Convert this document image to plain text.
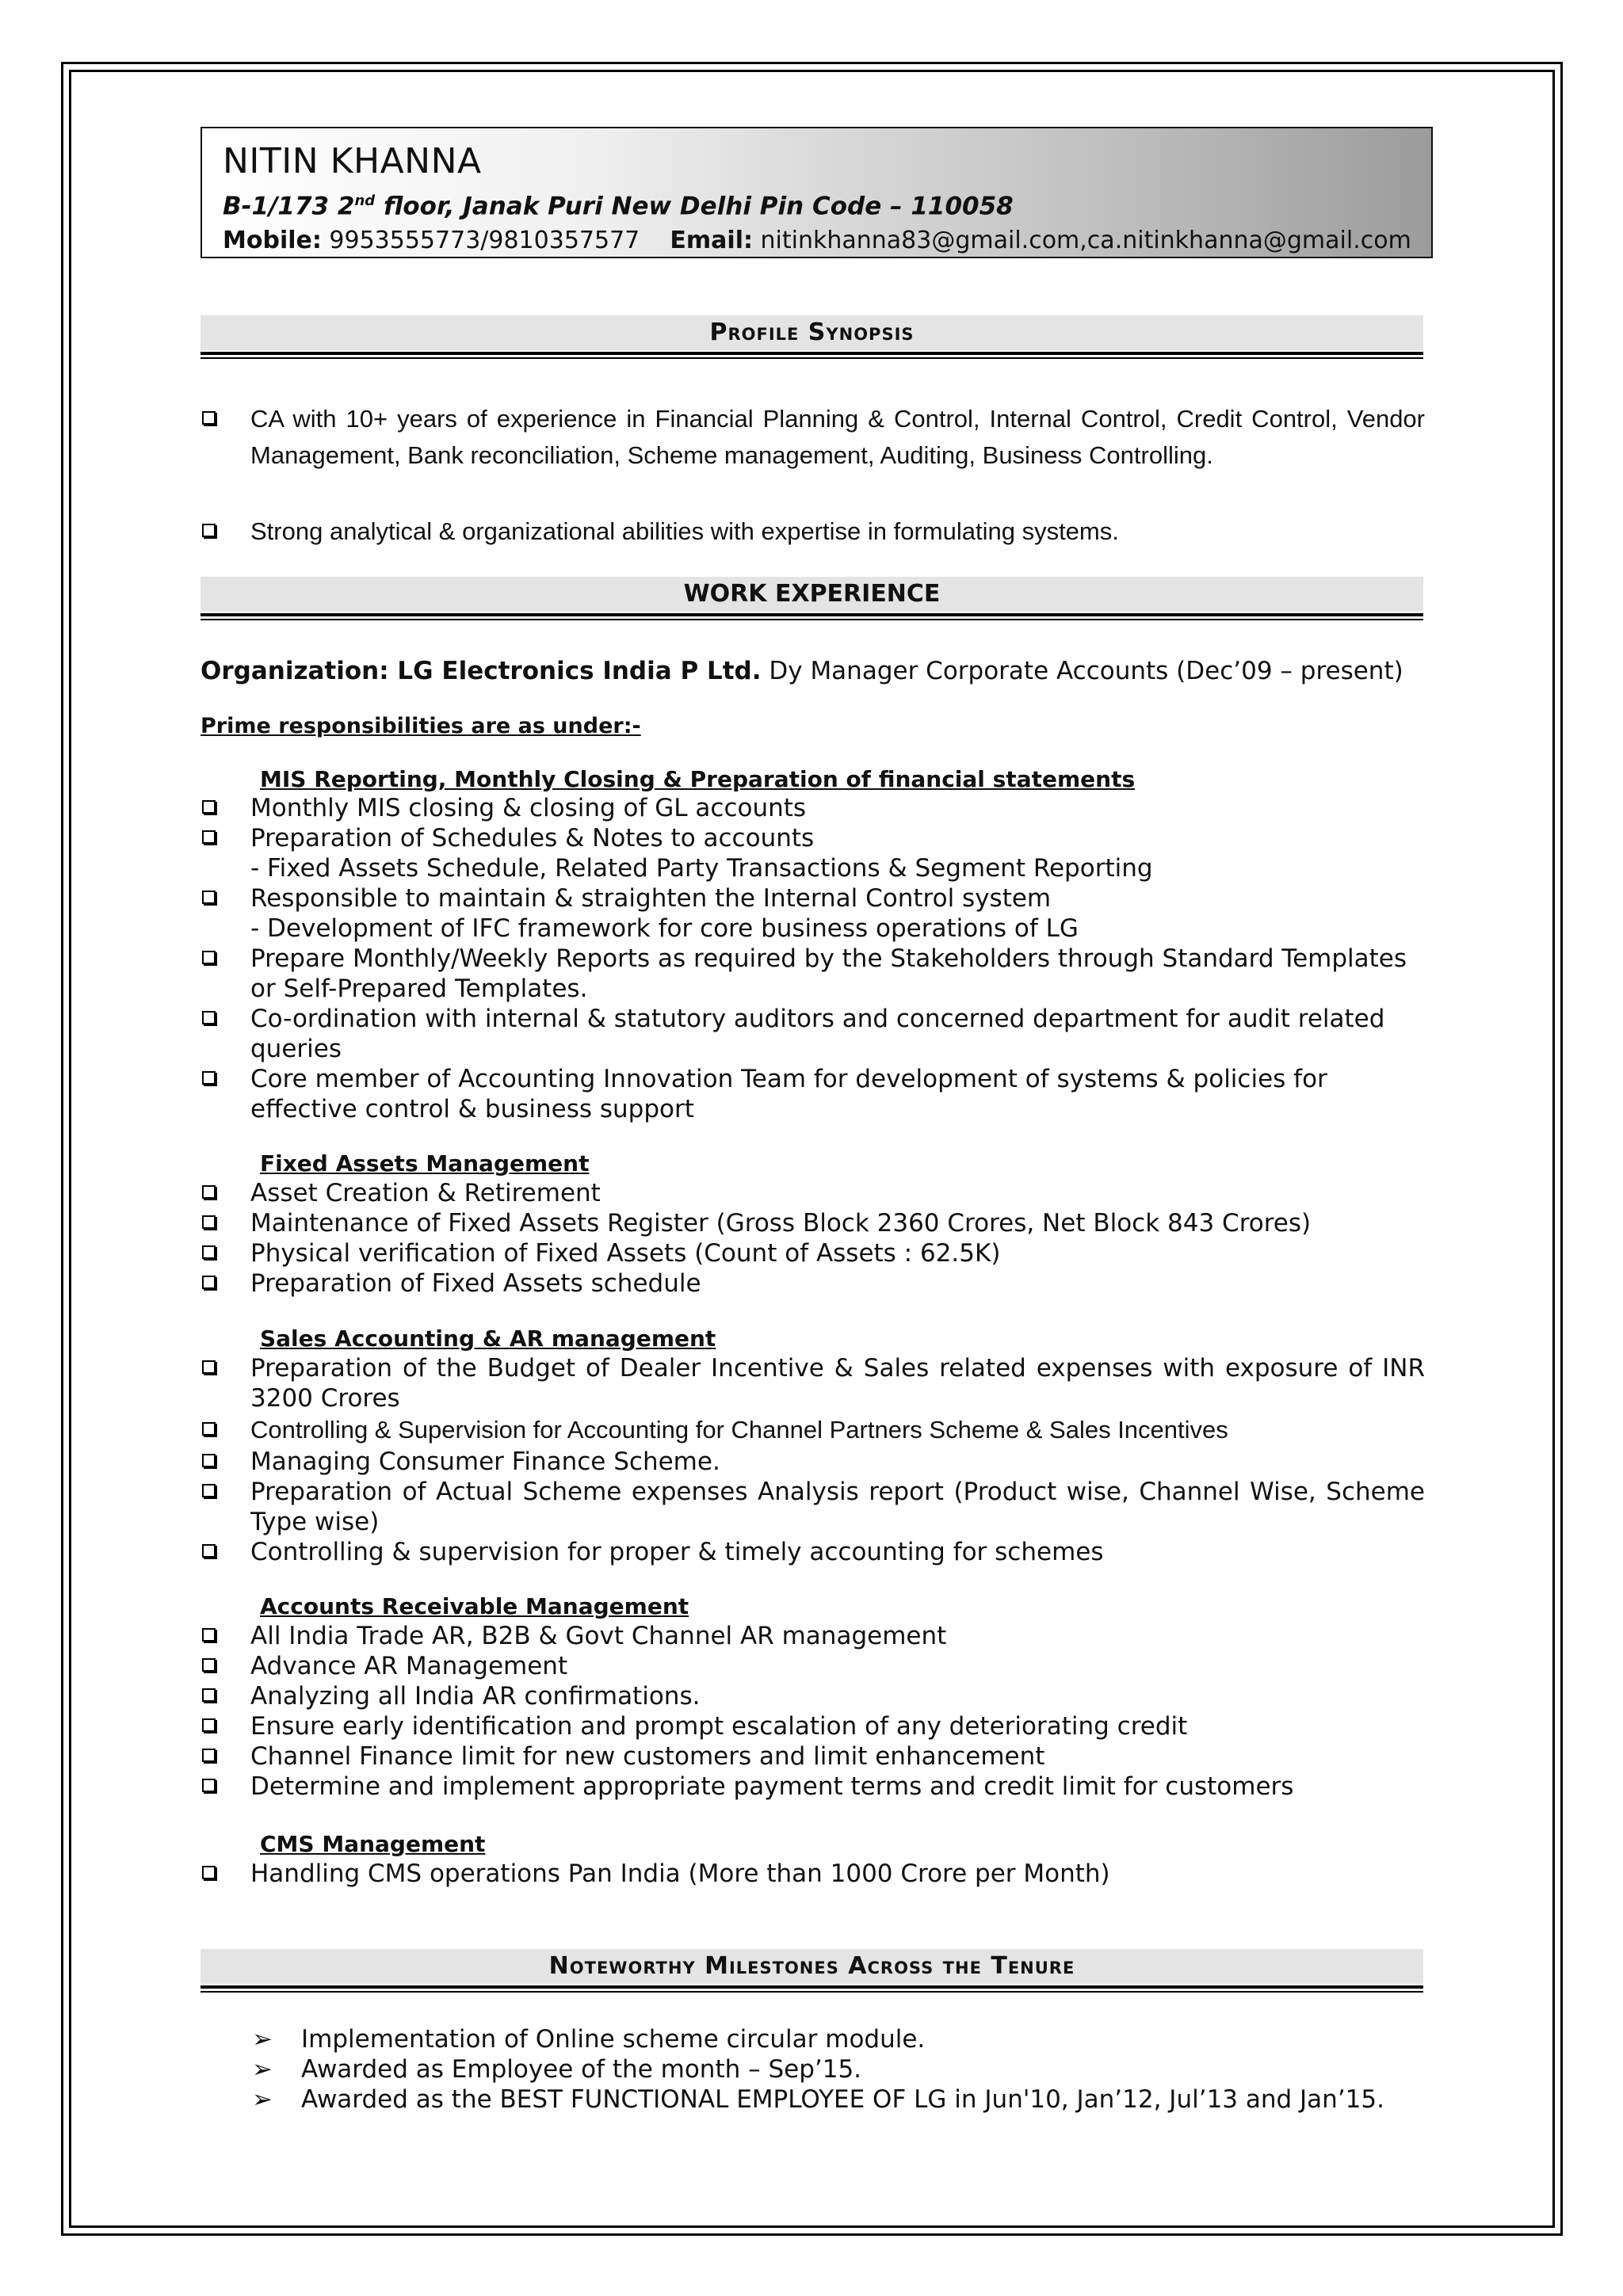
NITIN KHANNA
B-1/173 2nd floor, Janak Puri New Delhi Pin Code – 110058
Mobile: 9953555773/9810357577 Email: nitinkhanna83@gmail.com,ca.nitinkhanna@gmail.com
Profile Synopsis
CA with 10+ years of experience in Financial Planning & Control, Internal Control, Credit Control, Vendor Management, Bank reconciliation, Scheme management, Auditing, Business Controlling.
Strong analytical & organizational abilities with expertise in formulating systems.
WORK EXPERIENCE
Organization: LG Electronics India P Ltd. Dy Manager Corporate Accounts (Dec’09 – present)
Prime responsibilities are as under:-
MIS Reporting, Monthly Closing & Preparation of financial statements
Monthly MIS closing & closing of GL accounts
Preparation of Schedules & Notes to accounts
- Fixed Assets Schedule, Related Party Transactions & Segment Reporting
Responsible to maintain & straighten the Internal Control system
- Development of IFC framework for core business operations of LG
Prepare Monthly/Weekly Reports as required by the Stakeholders through Standard Templates or Self-Prepared Templates.
Co-ordination with internal & statutory auditors and concerned department for audit related queries
Core member of Accounting Innovation Team for development of systems & policies for effective control & business support
Fixed Assets Management
Asset Creation & Retirement
Maintenance of Fixed Assets Register (Gross Block 2360 Crores, Net Block 843 Crores)
Physical verification of Fixed Assets (Count of Assets : 62.5K)
Preparation of Fixed Assets schedule
Sales Accounting & AR management
Preparation of the Budget of Dealer Incentive & Sales related expenses with exposure of INR 3200 Crores
Controlling & Supervision for Accounting for Channel Partners Scheme & Sales Incentives
Managing Consumer Finance Scheme.
Preparation of Actual Scheme expenses Analysis report (Product wise, Channel Wise, Scheme Type wise)
Controlling & supervision for proper & timely accounting for schemes
Accounts Receivable Management
All India Trade AR, B2B & Govt Channel AR management
Advance AR Management
Analyzing all India AR confirmations.
Ensure early identification and prompt escalation of any deteriorating credit
Channel Finance limit for new customers and limit enhancement
Determine and implement appropriate payment terms and credit limit for customers
CMS Management
Handling CMS operations Pan India (More than 1000 Crore per Month)
Noteworthy Milestones Across the Tenure
➢ Implementation of Online scheme circular module.
➢ Awarded as Employee of the month – Sep’15.
➢ Awarded as the BEST FUNCTIONAL EMPLOYEE OF LG in Jun'10, Jan’12, Jul’13 and Jan’15.
